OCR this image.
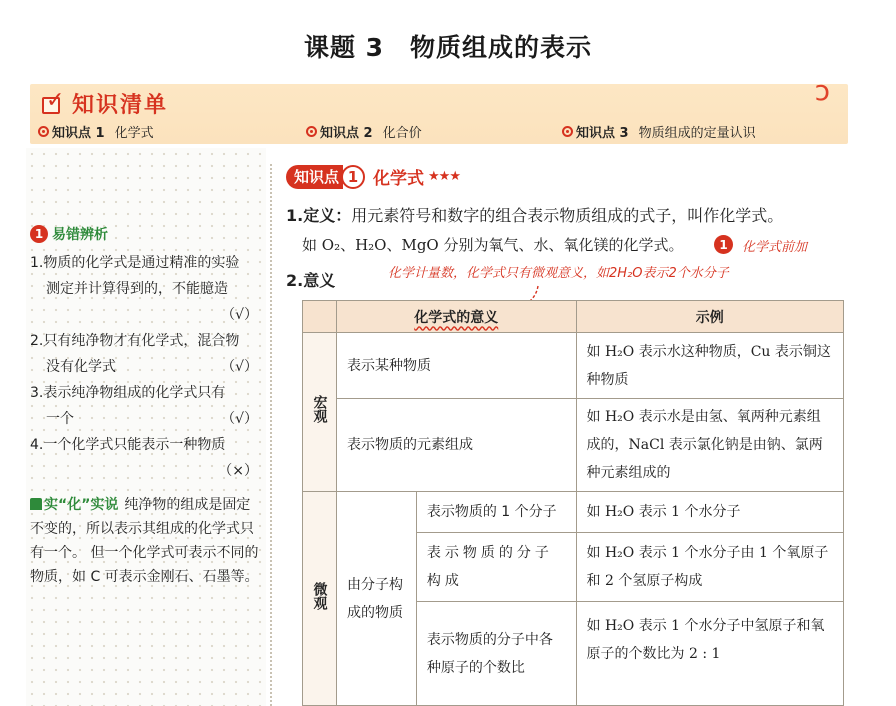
课题 3　物质组成的表示
✓ 知识清单	ↄ
知识点 1 化学式	知识点 2 化合价	知识点 3 物质组成的定量认识
1 易错辨析
1.物质的化学式是通过精准的实验
测定并计算得到的，不能臆造
（√）
2.只有纯净物才有化学式，混合物
没有化学式	（√）
3.表示纯净物组成的化学式只有
一个	（√）
4.一个化学式只能表示一种物质
（×）
实“化”实说 纯净物的组成是固定不变的，所以表示其组成的化学式只有一个。 但一个化学式可表示不同的物质，如 C 可表示金刚石、石墨等。
知识点 1 化学式 ★★★
1.定义：用元素符号和数字的组合表示物质组成的式子，叫作化学式。
如 O₂、H₂O、MgO 分别为氧气、水、氧化镁的化学式。	1	化学式前加
化学计量数，化学式只有微观意义，如2H₂O表示2个水分子
2.意义
	化学式的意义		示例
宏观	表示某种物质		如 H₂O 表示水这种物质，Cu 表示铜这种物质
	表示物质的元素组成		如 H₂O 表示水是由氢、氧两种元素组成的，NaCl 表示氯化钠是由钠、氯两种元素组成的
微观	由分子构成的物质	表示物质的 1 个分子	如 H₂O 表示 1 个水分子
		表示物质的分子构成	如 H₂O 表示 1 个水分子由 1 个氧原子和 2 个氢原子构成
		表示物质的分子中各种原子的个数比	如 H₂O 表示 1 个水分子中氢原子和氧原子的个数比为 2 : 1
